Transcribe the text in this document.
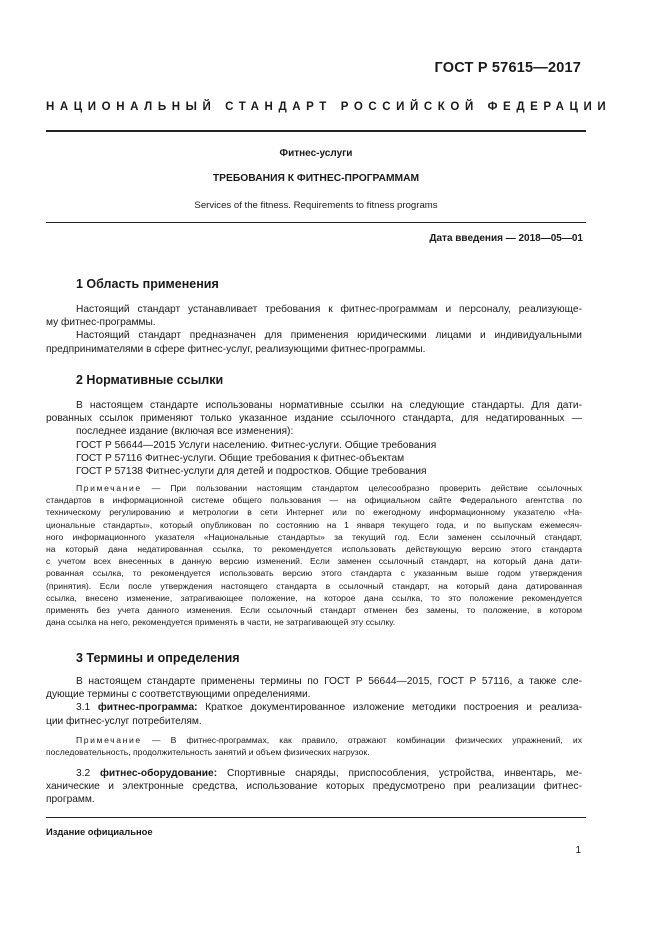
ГОСТ Р 57615—2017
НАЦИОНАЛЬНЫЙ СТАНДАРТ РОССИЙСКОЙ ФЕДЕРАЦИИ
Фитнес-услуги
ТРЕБОВАНИЯ К ФИТНЕС-ПРОГРАММАМ
Services of the fitness. Requirements to fitness programs
Дата введения — 2018—05—01
1 Область применения
Настоящий стандарт устанавливает требования к фитнес-программам и персоналу, реализующе-
му фитнес-программы.
Настоящий стандарт предназначен для применения юридическими лицами и индивидуальными
предпринимателями в сфере фитнес-услуг, реализующими фитнес-программы.
2 Нормативные ссылки
В настоящем стандарте использованы нормативные ссылки на следующие стандарты. Для дати-
рованных ссылок применяют только указанное издание ссылочного стандарта, для недатированных —
последнее издание (включая все изменения):
ГОСТ Р 56644—2015 Услуги населению. Фитнес-услуги. Общие требования
ГОСТ Р 57116 Фитнес-услуги. Общие требования к фитнес-объектам
ГОСТ Р 57138 Фитнес-услуги для детей и подростков. Общие требования
Примечание — При пользовании настоящим стандартом целесообразно проверить действие ссылочных
стандартов в информационной системе общего пользования — на официальном сайте Федерального агентства по
техническому регулированию и метрологии в сети Интернет или по ежегодному информационному указателю «На-
циональные стандарты», который опубликован по состоянию на 1 января текущего года, и по выпускам ежемесяч-
ного информационного указателя «Национальные стандарты» за текущий год. Если заменен ссылочный стандарт,
на который дана недатированная ссылка, то рекомендуется использовать действующую версию этого стандарта
с учетом всех внесенных в данную версию изменений. Если заменен ссылочный стандарт, на который дана дати-
рованная ссылка, то рекомендуется использовать версию этого стандарта с указанным выше годом утверждения
(принятия). Если после утверждения настоящего стандарта в ссылочный стандарт, на который дана датированная
ссылка, внесено изменение, затрагивающее положение, на которое дана ссылка, то это положение рекомендуется
применять без учета данного изменения. Если ссылочный стандарт отменен без замены, то положение, в котором
дана ссылка на него, рекомендуется применять в части, не затрагивающей эту ссылку.
3 Термины и определения
В настоящем стандарте применены термины по ГОСТ Р 56644—2015, ГОСТ Р 57116, а также сле-
дующие термины с соответствующими определениями.
3.1 фитнес-программа: Краткое документированное изложение методики построения и реализа-
ции фитнес-услуг потребителям.
Примечание — В фитнес-программах, как правило, отражают комбинации физических упражнений, их
последовательность, продолжительность занятий и объем физических нагрузок.
3.2 фитнес-оборудование: Спортивные снаряды, приспособления, устройства, инвентарь, ме-
ханические и электронные средства, использование которых предусмотрено при реализации фитнес-
программ.
Издание официальное
1
